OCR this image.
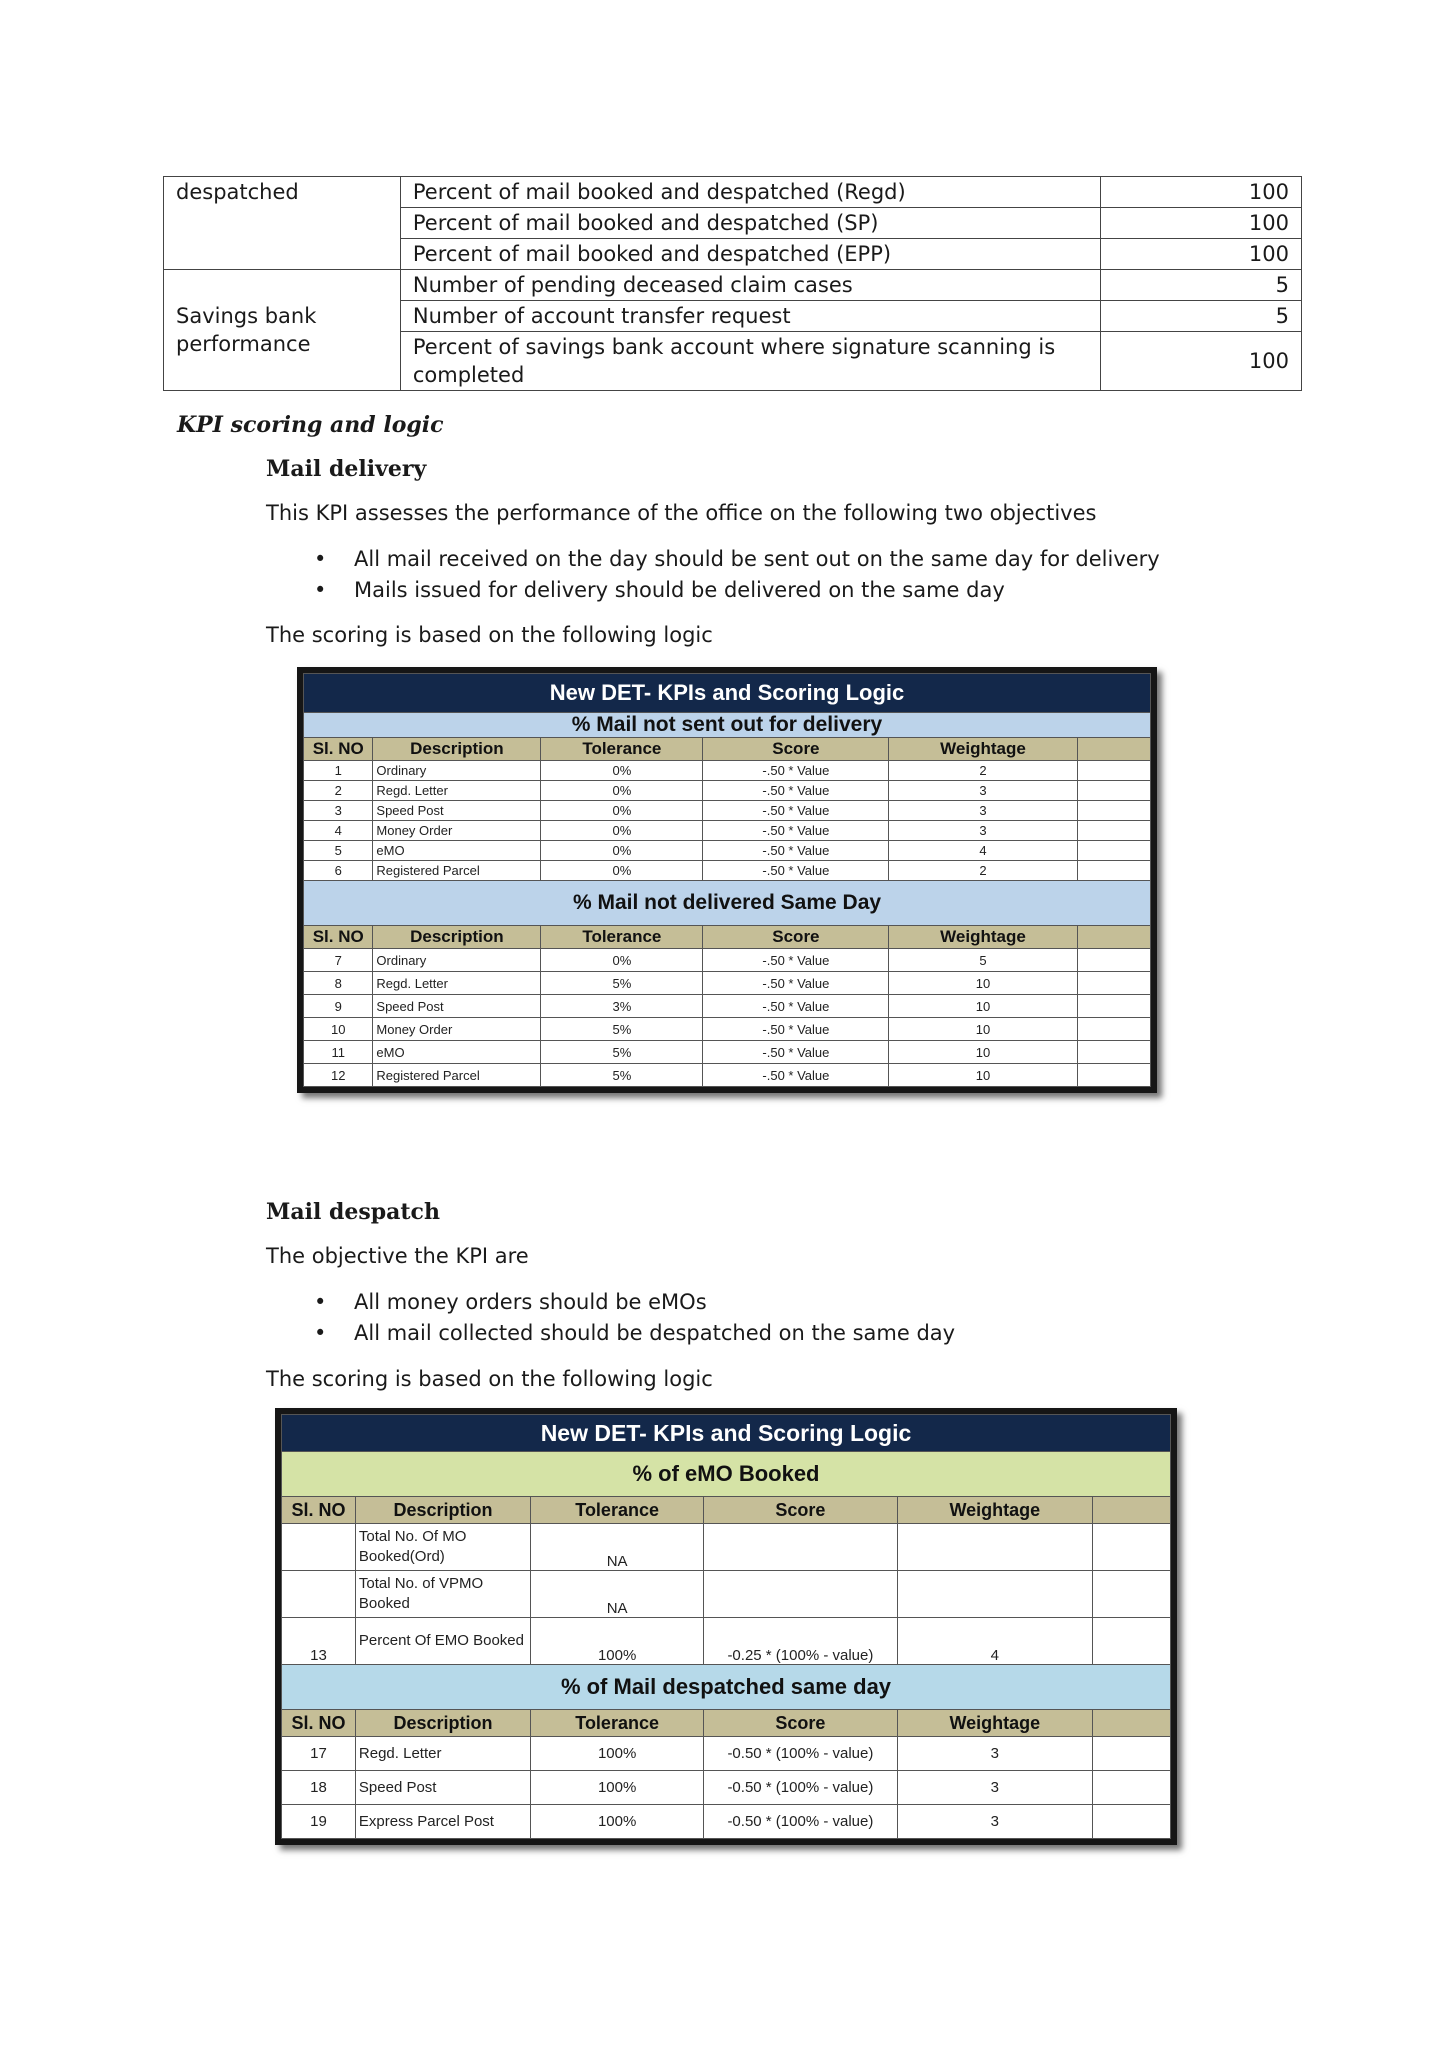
despatched	Percent of mail booked and despatched (Regd)	100
	Percent of mail booked and despatched (SP)	100
	Percent of mail booked and despatched (EPP)	100
Savings bank performance	Number of pending deceased claim cases	5
	Number of account transfer request	5
	Percent of savings bank account where signature scanning is completed	100
KPI scoring and logic
Mail delivery
This KPI assesses the performance of the office on the following two objectives
• All mail received on the day should be sent out on the same day for delivery
• Mails issued for delivery should be delivered on the same day
The scoring is based on the following logic
New DET- KPIs and Scoring Logic					
% Mail not sent out for delivery					
Sl. NO	Description	Tolerance	Score	Weightage	
1	Ordinary	0%	-.50 * Value	2	
2	Regd. Letter	0%	-.50 * Value	3	
3	Speed Post	0%	-.50 * Value	3	
4	Money Order	0%	-.50 * Value	3	
5	eMO	0%	-.50 * Value	4	
6	Registered Parcel	0%	-.50 * Value	2	
% Mail not delivered Same Day					
Sl. NO	Description	Tolerance	Score	Weightage	
7	Ordinary	0%	-.50 * Value	5	
8	Regd. Letter	5%	-.50 * Value	10	
9	Speed Post	3%	-.50 * Value	10	
10	Money Order	5%	-.50 * Value	10	
11	eMO	5%	-.50 * Value	10	
12	Registered Parcel	5%	-.50 * Value	10	
Mail despatch
The objective the KPI are
• All money orders should be eMOs
• All mail collected should be despatched on the same day
The scoring is based on the following logic
New DET- KPIs and Scoring Logic					
% of eMO Booked					
Sl. NO	Description	Tolerance	Score	Weightage	
	Total No. Of MO Booked(Ord)	NA			
	Total No. of VPMO Booked	NA			
13	Percent Of EMO Booked	100%	-0.25 * (100% - value)	4	
% of Mail despatched same day					
Sl. NO	Description	Tolerance	Score	Weightage	
17	Regd. Letter	100%	-0.50 * (100% - value)	3	
18	Speed Post	100%	-0.50 * (100% - value)	3	
19	Express Parcel Post	100%	-0.50 * (100% - value)	3	
